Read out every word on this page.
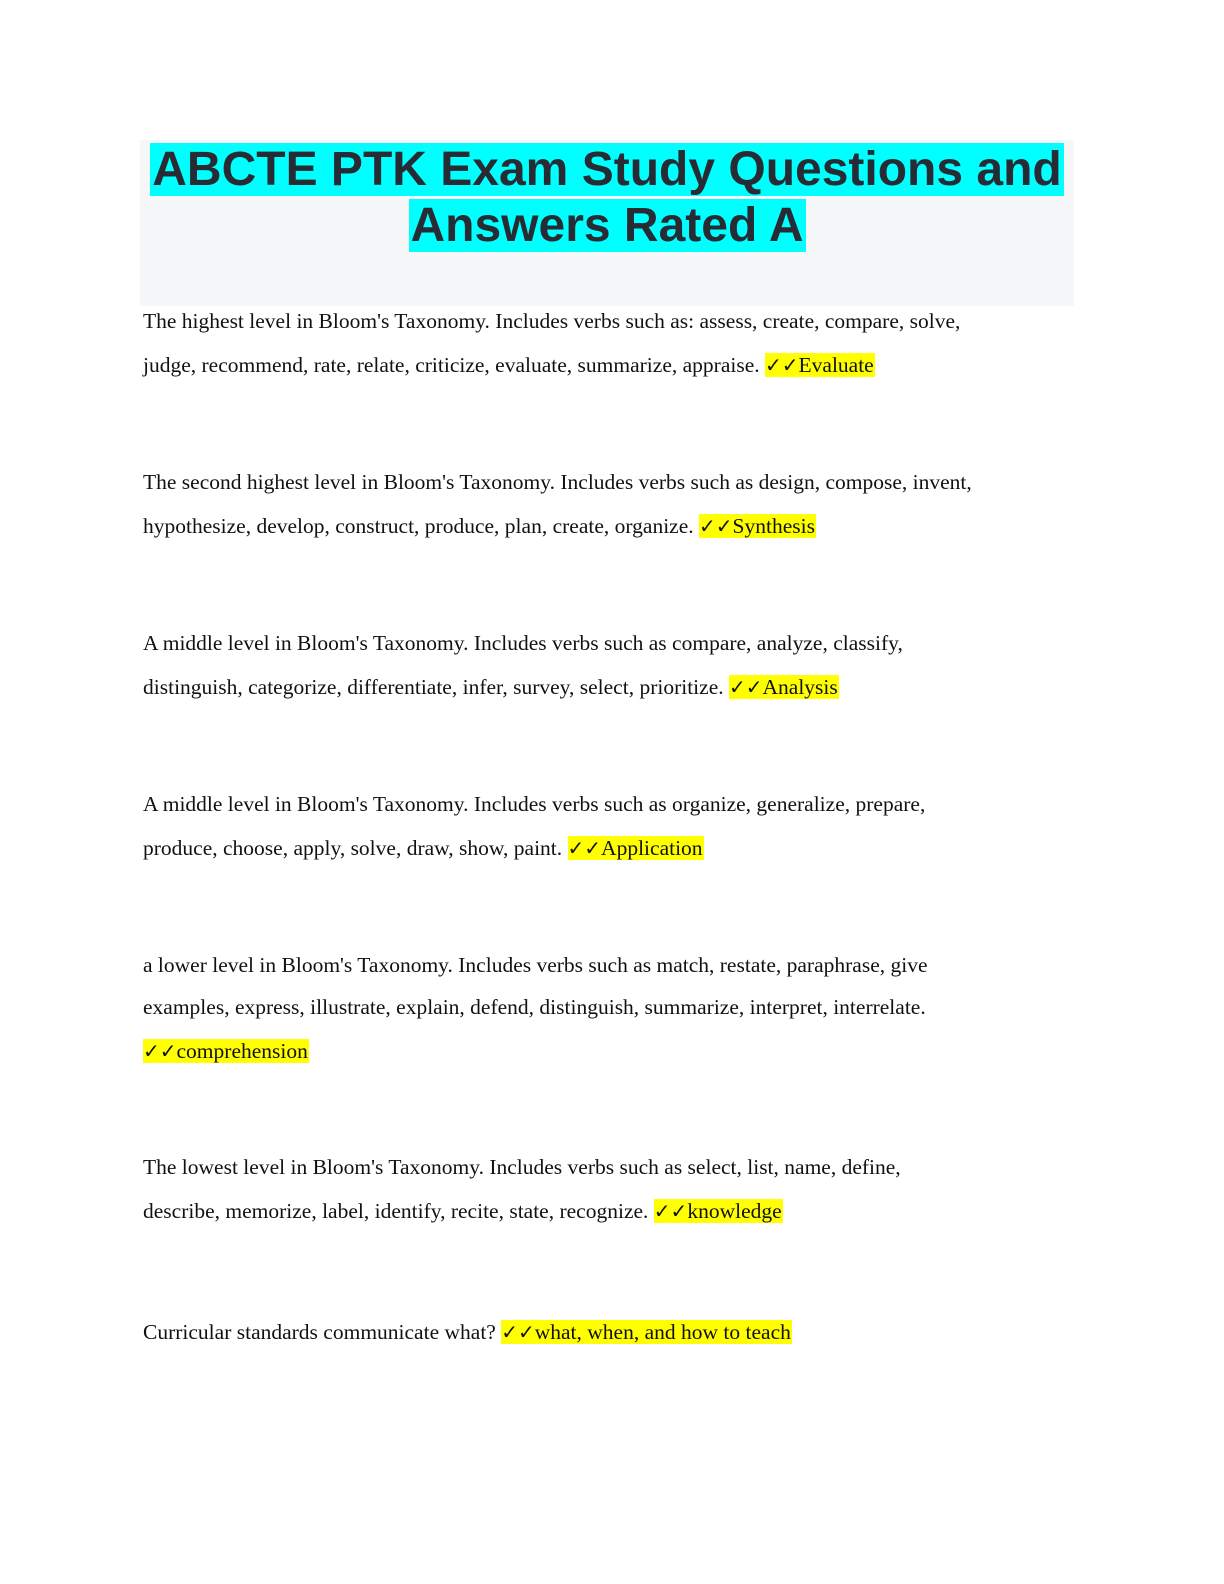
ABCTE PTK Exam Study Questions and
Answers Rated A
The highest level in Bloom's Taxonomy. Includes verbs such as: assess, create, compare, solve,
judge, recommend, rate, relate, criticize, evaluate, summarize, appraise. ✓✓Evaluate
The second highest level in Bloom's Taxonomy. Includes verbs such as design, compose, invent,
hypothesize, develop, construct, produce, plan, create, organize. ✓✓Synthesis
A middle level in Bloom's Taxonomy. Includes verbs such as compare, analyze, classify,
distinguish, categorize, differentiate, infer, survey, select, prioritize. ✓✓Analysis
A middle level in Bloom's Taxonomy. Includes verbs such as organize, generalize, prepare,
produce, choose, apply, solve, draw, show, paint. ✓✓Application
a lower level in Bloom's Taxonomy. Includes verbs such as match, restate, paraphrase, give
examples, express, illustrate, explain, defend, distinguish, summarize, interpret, interrelate.
✓✓comprehension
The lowest level in Bloom's Taxonomy. Includes verbs such as select, list, name, define,
describe, memorize, label, identify, recite, state, recognize. ✓✓knowledge
Curricular standards communicate what? ✓✓what, when, and how to teach
